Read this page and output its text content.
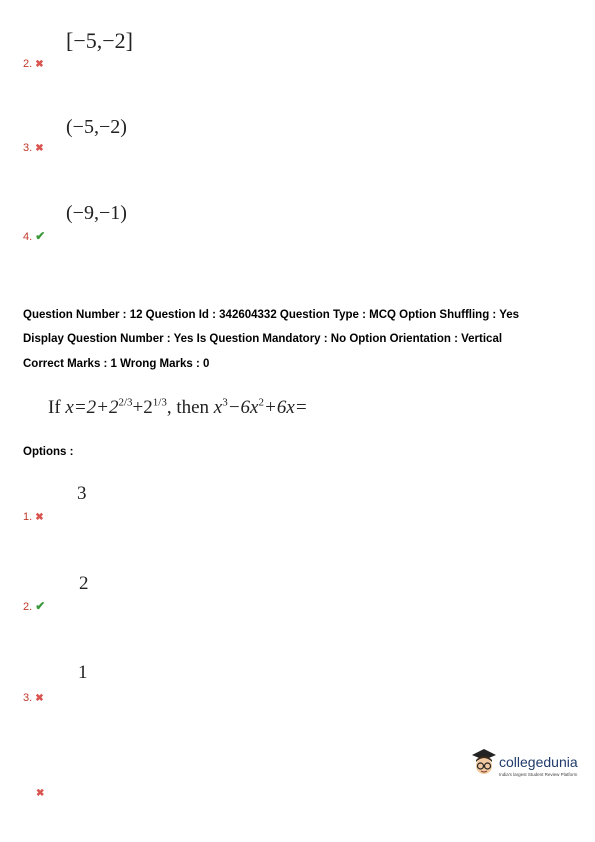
[−5,−2]
2. ✖
(−5,−2)
3. ✖
(−9,−1)
4. ✔
Question Number : 12 Question Id : 342604332 Question Type : MCQ Option Shuffling : Yes
Display Question Number : Yes Is Question Mandatory : No Option Orientation : Vertical
Correct Marks : 1 Wrong Marks : 0
If $x=2+2^{2/3}+2^{1/3}$, then $x^3-6x^2+6x=$
Options :
3
1. ✖
2
2. ✔
1
3. ✖
✖
collegedunia
India's largest Student Review Platform
